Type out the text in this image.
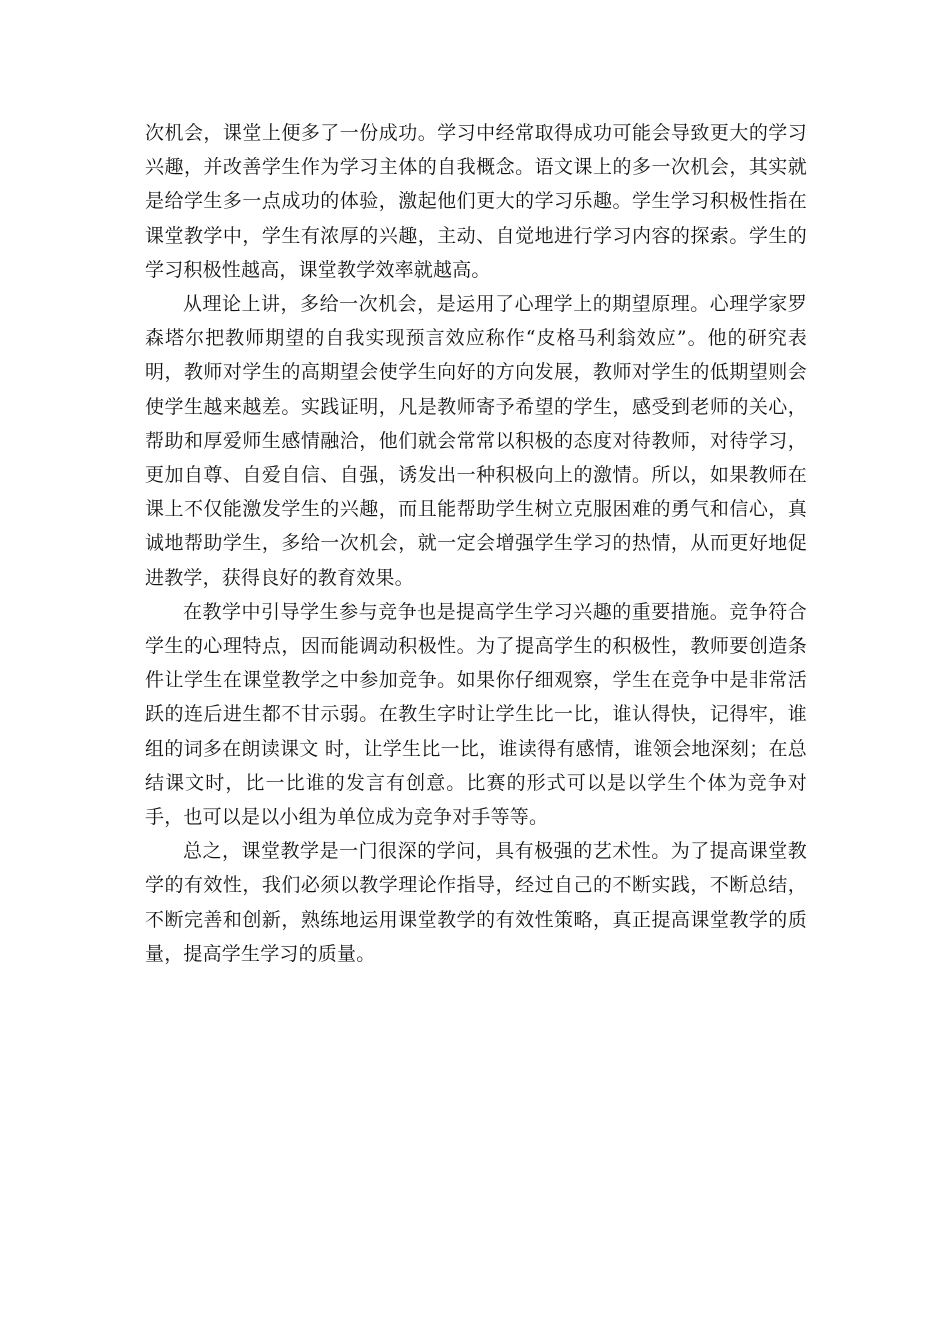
次机会，课堂上便多了一份成功。学习中经常取得成功可能会导致更大的学习兴趣，并改善学生作为学习主体的自我概念。语文课上的多一次机会，其实就是给学生多一点成功的体验，激起他们更大的学习乐趣。学生学习积极性指在课堂教学中，学生有浓厚的兴趣，主动、自觉地进行学习内容的探索。学生的学习积极性越高，课堂教学效率就越高。

从理论上讲，多给一次机会，是运用了心理学上的期望原理。心理学家罗森塔尔把教师期望的自我实现预言效应称作“皮格马利翁效应”。他的研究表明，教师对学生的高期望会使学生向好的方向发展，教师对学生的低期望则会使学生越来越差。实践证明，凡是教师寄予希望的学生，感受到老师的关心，帮助和厚爱师生感情融洽，他们就会常常以积极的态度对待教师，对待学习，更加自尊、自爱自信、自强，诱发出一种积极向上的激情。所以，如果教师在课上不仅能激发学生的兴趣，而且能帮助学生树立克服困难的勇气和信心，真诚地帮助学生，多给一次机会，就一定会增强学生学习的热情，从而更好地促进教学，获得良好的教育效果。

在教学中引导学生参与竞争也是提高学生学习兴趣的重要措施。竞争符合学生的心理特点，因而能调动积极性。为了提高学生的积极性，教师要创造条件让学生在课堂教学之中参加竞争。如果你仔细观察，学生在竞争中是非常活跃的连后进生都不甘示弱。在教生字时让学生比一比，谁认得快，记得牢，谁组的词多在朗读课文 时，让学生比一比，谁读得有感情，谁领会地深刻；在总结课文时，比一比谁的发言有创意。比赛的形式可以是以学生个体为竞争对手，也可以是以小组为单位成为竞争对手等等。

总之，课堂教学是一门很深的学问，具有极强的艺术性。为了提高课堂教学的有效性，我们必须以教学理论作指导，经过自己的不断实践，不断总结，不断完善和创新，熟练地运用课堂教学的有效性策略，真正提高课堂教学的质量，提高学生学习的质量。
